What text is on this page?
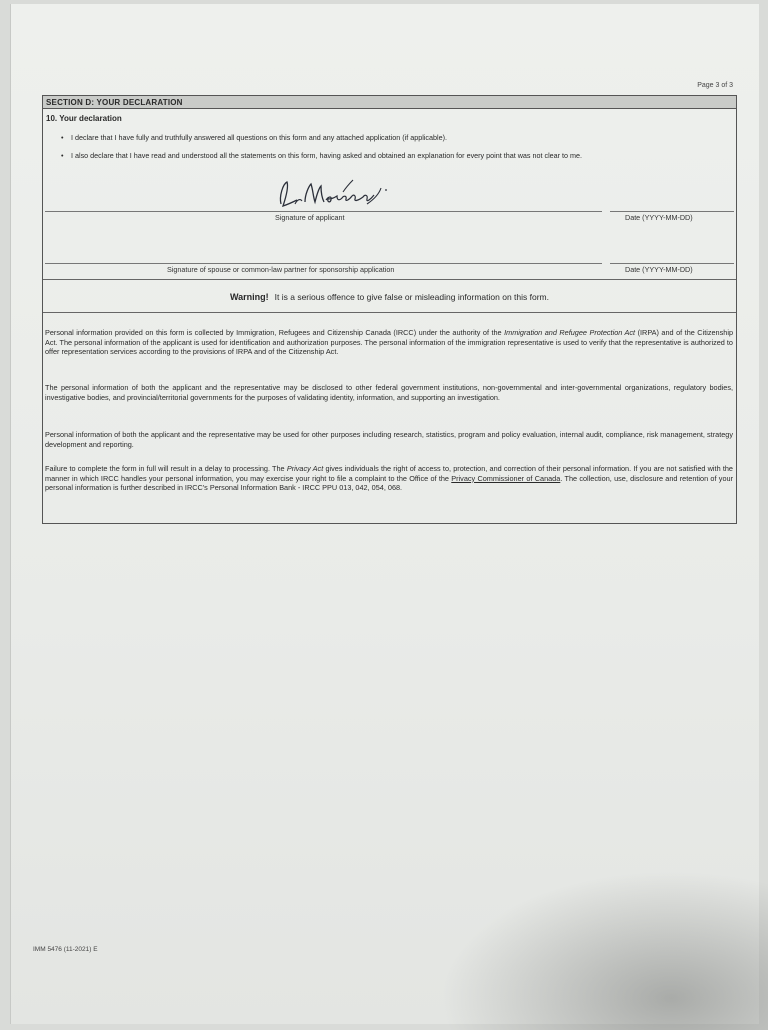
Page 3 of 3
SECTION D: YOUR DECLARATION
10. Your declaration
•	I declare that I have fully and truthfully answered all questions on this form and any attached application (if applicable).
•	I also declare that I have read and understood all the statements on this form, having asked and obtained an explanation for every point that was not clear to me.
Signature of applicant	Date (YYYY-MM-DD)
Signature of spouse or common-law partner for sponsorship application	Date (YYYY-MM-DD)
Warning! It is a serious offence to give false or misleading information on this form.
Personal information provided on this form is collected by Immigration, Refugees and Citizenship Canada (IRCC) under the authority of the Immigration and Refugee Protection Act (IRPA) and of the Citizenship Act. The personal information of the applicant is used for identification and authorization purposes. The personal information of the immigration representative is used to verify that the representative is authorized to offer representation services according to the provisions of IRPA and of the Citizenship Act.
The personal information of both the applicant and the representative may be disclosed to other federal government institutions, non-governmental and inter-governmental organizations, regulatory bodies, investigative bodies, and provincial/territorial governments for the purposes of validating identity, information, and supporting an investigation.
Personal information of both the applicant and the representative may be used for other purposes including research, statistics, program and policy evaluation, internal audit, compliance, risk management, strategy development and reporting.
Failure to complete the form in full will result in a delay to processing. The Privacy Act gives individuals the right of access to, protection, and correction of their personal information. If you are not satisfied with the manner in which IRCC handles your personal information, you may exercise your right to file a complaint to the Office of the Privacy Commissioner of Canada. The collection, use, disclosure and retention of your personal information is further described in IRCC's Personal Information Bank - IRCC PPU 013, 042, 054, 068.
IMM 5476 (11-2021) E
